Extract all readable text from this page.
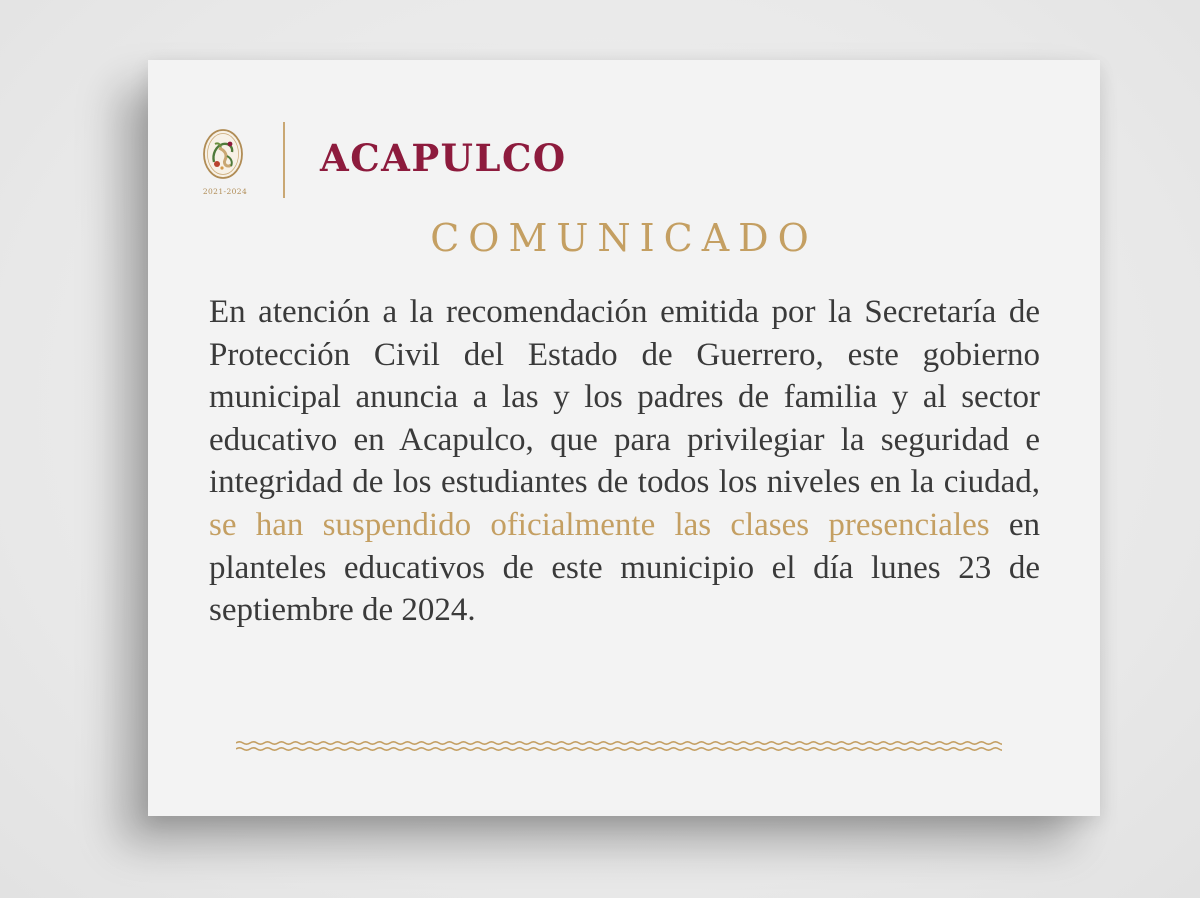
2021-2024
ACAPULCO
COMUNICADO
En atención a la recomendación emitida por la Secretaría de Protección Civil del Estado de Guerrero, este gobierno municipal anuncia a las y los padres de familia y al sector educativo en Acapulco, que para privilegiar la seguridad e integridad de los estudiantes de todos los niveles en la ciudad, se han suspendido oficialmente las clases presenciales en planteles educativos de este municipio el día lunes 23 de septiembre de 2024.
